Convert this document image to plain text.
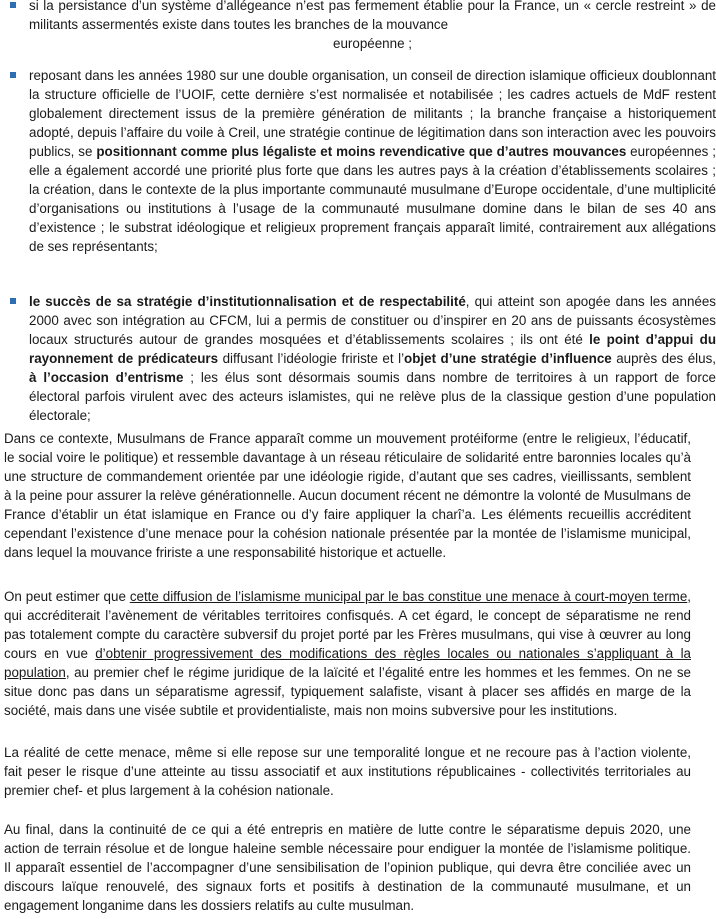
si la persistance d’un système d’allégeance n’est pas fermement établie pour la France, un « cercle restreint » de militants assermentés existe dans toutes les branches de la mouvance
européenne ;
reposant dans les années 1980 sur une double organisation, un conseil de direction islamique officieux doublonnant la structure officielle de l’UOIF, cette dernière s’est normalisée et notabilisée ; les cadres actuels de MdF restent globalement directement issus de la première génération de militants ; la branche française a historiquement adopté, depuis l’affaire du voile à Creil, une stratégie continue de légitimation dans son interaction avec les pouvoirs publics, se positionnant comme plus légaliste et moins revendicative que d’autres mouvances européennes ; elle a également accordé une priorité plus forte que dans les autres pays à la création d’établissements scolaires ; la création, dans le contexte de la plus importante communauté musulmane d’Europe occidentale, d’une multiplicité d’organisations ou institutions à l’usage de la communauté musulmane domine dans le bilan de ses 40 ans d’existence ; le substrat idéologique et religieux proprement français apparaît limité, contrairement aux allégations de ses représentants;
le succès de sa stratégie d’institutionnalisation et de respectabilité, qui atteint son apogée dans les années 2000 avec son intégration au CFCM, lui a permis de constituer ou d’inspirer en 20 ans de puissants écosystèmes locaux structurés autour de grandes mosquées et d’établissements scolaires ; ils ont été le point d’appui du rayonnement de prédicateurs diffusant l’idéologie fririste et l’objet d’une stratégie d’influence auprès des élus, à l’occasion d’entrisme ; les élus sont désormais soumis dans nombre de territoires à un rapport de force électoral parfois virulent avec des acteurs islamistes, qui ne relève plus de la classique gestion d’une population électorale;

Dans ce contexte, Musulmans de France apparaît comme un mouvement protéiforme (entre le religieux, l’éducatif, le social voire le politique) et ressemble davantage à un réseau réticulaire de solidarité entre baronnies locales qu’à une structure de commandement orientée par une idéologie rigide, d’autant que ses cadres, vieillissants, semblent à la peine pour assurer la relève générationnelle. Aucun document récent ne démontre la volonté de Musulmans de France d’établir un état islamique en France ou d’y faire appliquer la charî’a. Les éléments recueillis accréditent cependant l’existence d’une menace pour la cohésion nationale présentée par la montée de l’islamisme municipal, dans lequel la mouvance fririste a une responsabilité historique et actuelle.

On peut estimer que cette diffusion de l’islamisme municipal par le bas constitue une menace à court-moyen terme, qui accréditerait l’avènement de véritables territoires confisqués. A cet égard, le concept de séparatisme ne rend pas totalement compte du caractère subversif du projet porté par les Frères musulmans, qui vise à œuvrer au long cours en vue d’obtenir progressivement des modifications des règles locales ou nationales s’appliquant à la population, au premier chef le régime juridique de la laïcité et l’égalité entre les hommes et les femmes. On ne se situe donc pas dans un séparatisme agressif, typiquement salafiste, visant à placer ses affidés en marge de la société, mais dans une visée subtile et providentialiste, mais non moins subversive pour les institutions.

La réalité de cette menace, même si elle repose sur une temporalité longue et ne recoure pas à l’action violente, fait peser le risque d’une atteinte au tissu associatif et aux institutions républicaines - collectivités territoriales au premier chef- et plus largement à la cohésion nationale.

Au final, dans la continuité de ce qui a été entrepris en matière de lutte contre le séparatisme depuis 2020, une action de terrain résolue et de longue haleine semble nécessaire pour endiguer la montée de l’islamisme politique. Il apparaît essentiel de l’accompagner d’une sensibilisation de l’opinion publique, qui devra être conciliée avec un discours laïque renouvelé, des signaux forts et positifs à destination de la communauté musulmane, et un engagement longanime dans les dossiers relatifs au culte musulman.
